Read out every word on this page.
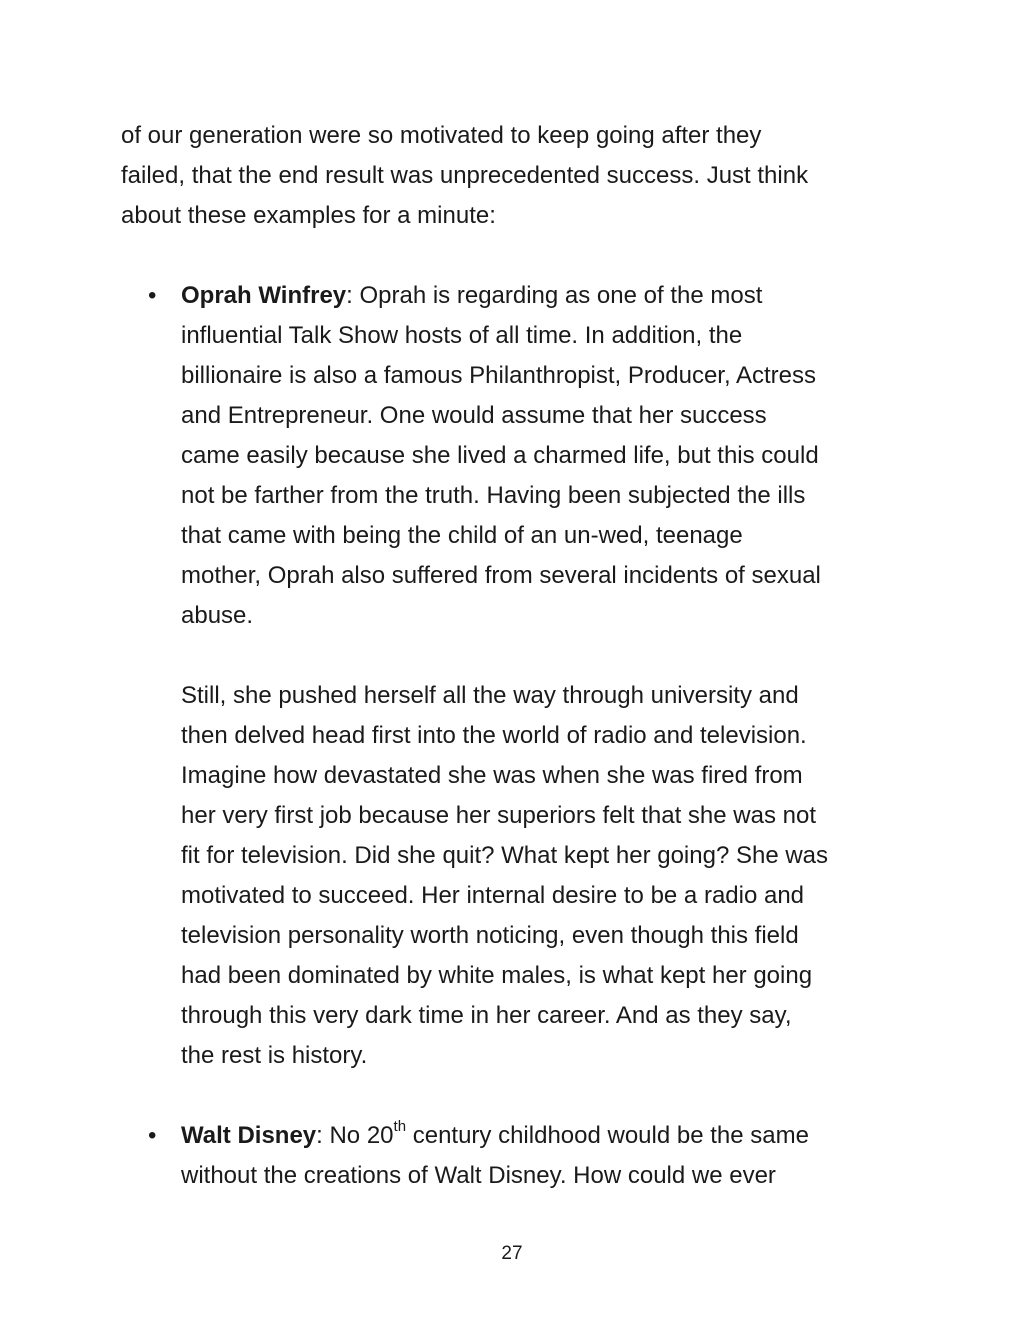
of our generation were so motivated to keep going after they

failed, that the end result was unprecedented success. Just think

about these examples for a minute:

• Oprah Winfrey: Oprah is regarding as one of the most

influential Talk Show hosts of all time. In addition, the

billionaire is also a famous Philanthropist, Producer, Actress

and Entrepreneur. One would assume that her success

came easily because she lived a charmed life, but this could

not be farther from the truth. Having been subjected the ills

that came with being the child of an un-wed, teenage

mother, Oprah also suffered from several incidents of sexual

abuse.

Still, she pushed herself all the way through university and

then delved head first into the world of radio and television.

Imagine how devastated she was when she was fired from

her very first job because her superiors felt that she was not

fit for television. Did she quit? What kept her going? She was

motivated to succeed. Her internal desire to be a radio and

television personality worth noticing, even though this field

had been dominated by white males, is what kept her going

through this very dark time in her career. And as they say,

the rest is history.

• Walt Disney: No 20th century childhood would be the same

without the creations of Walt Disney. How could we ever

27
